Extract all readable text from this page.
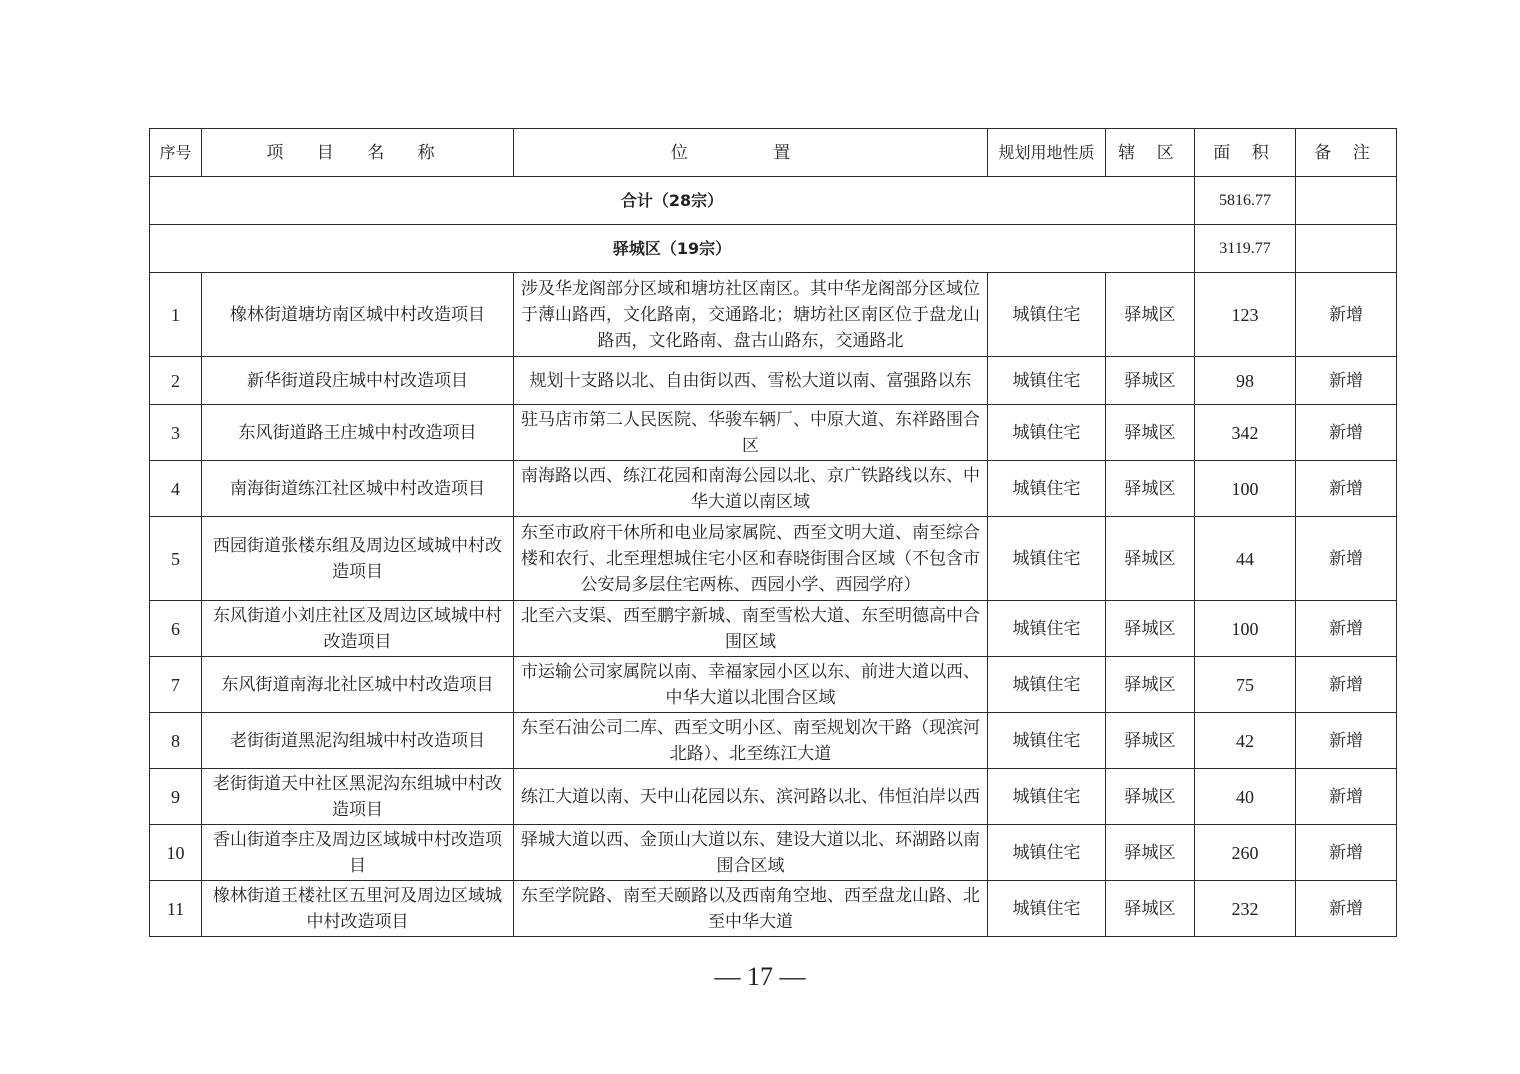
序号	项 目 名 称	位 置	规划用地性质	辖 区	面 积	备 注
合计（28宗）					5816.77	
驿城区（19宗）					3119.77	
1	橡林街道塘坊南区城中村改造项目	涉及华龙阁部分区域和塘坊社区南区。其中华龙阁部分区域位于薄山路西，文化路南，交通路北；塘坊社区南区位于盘龙山路西，文化路南、盘古山路东，交通路北	城镇住宅	驿城区	123	新增
2	新华街道段庄城中村改造项目	规划十支路以北、自由街以西、雪松大道以南、富强路以东	城镇住宅	驿城区	98	新增
3	东风街道路王庄城中村改造项目	驻马店市第二人民医院、华骏车辆厂、中原大道、东祥路围合区	城镇住宅	驿城区	342	新增
4	南海街道练江社区城中村改造项目	南海路以西、练江花园和南海公园以北、京广铁路线以东、中华大道以南区域	城镇住宅	驿城区	100	新增
5	西园街道张楼东组及周边区域城中村改造项目	东至市政府干休所和电业局家属院、西至文明大道、南至综合楼和农行、北至理想城住宅小区和春晓街围合区域（不包含市公安局多层住宅两栋、西园小学、西园学府）	城镇住宅	驿城区	44	新增
6	东风街道小刘庄社区及周边区域城中村改造项目	北至六支渠、西至鹏宇新城、南至雪松大道、东至明德高中合围区域	城镇住宅	驿城区	100	新增
7	东风街道南海北社区城中村改造项目	市运输公司家属院以南、幸福家园小区以东、前进大道以西、中华大道以北围合区域	城镇住宅	驿城区	75	新增
8	老街街道黑泥沟组城中村改造项目	东至石油公司二库、西至文明小区、南至规划次干路（现滨河北路）、北至练江大道	城镇住宅	驿城区	42	新增
9	老街街道天中社区黑泥沟东组城中村改造项目	练江大道以南、天中山花园以东、滨河路以北、伟恒泊岸以西	城镇住宅	驿城区	40	新增
10	香山街道李庄及周边区域城中村改造项目	驿城大道以西、金顶山大道以东、建设大道以北、环湖路以南围合区域	城镇住宅	驿城区	260	新增
11	橡林街道王楼社区五里河及周边区域城中村改造项目	东至学院路、南至天颐路以及西南角空地、西至盘龙山路、北至中华大道	城镇住宅	驿城区	232	新增
— 17 —
